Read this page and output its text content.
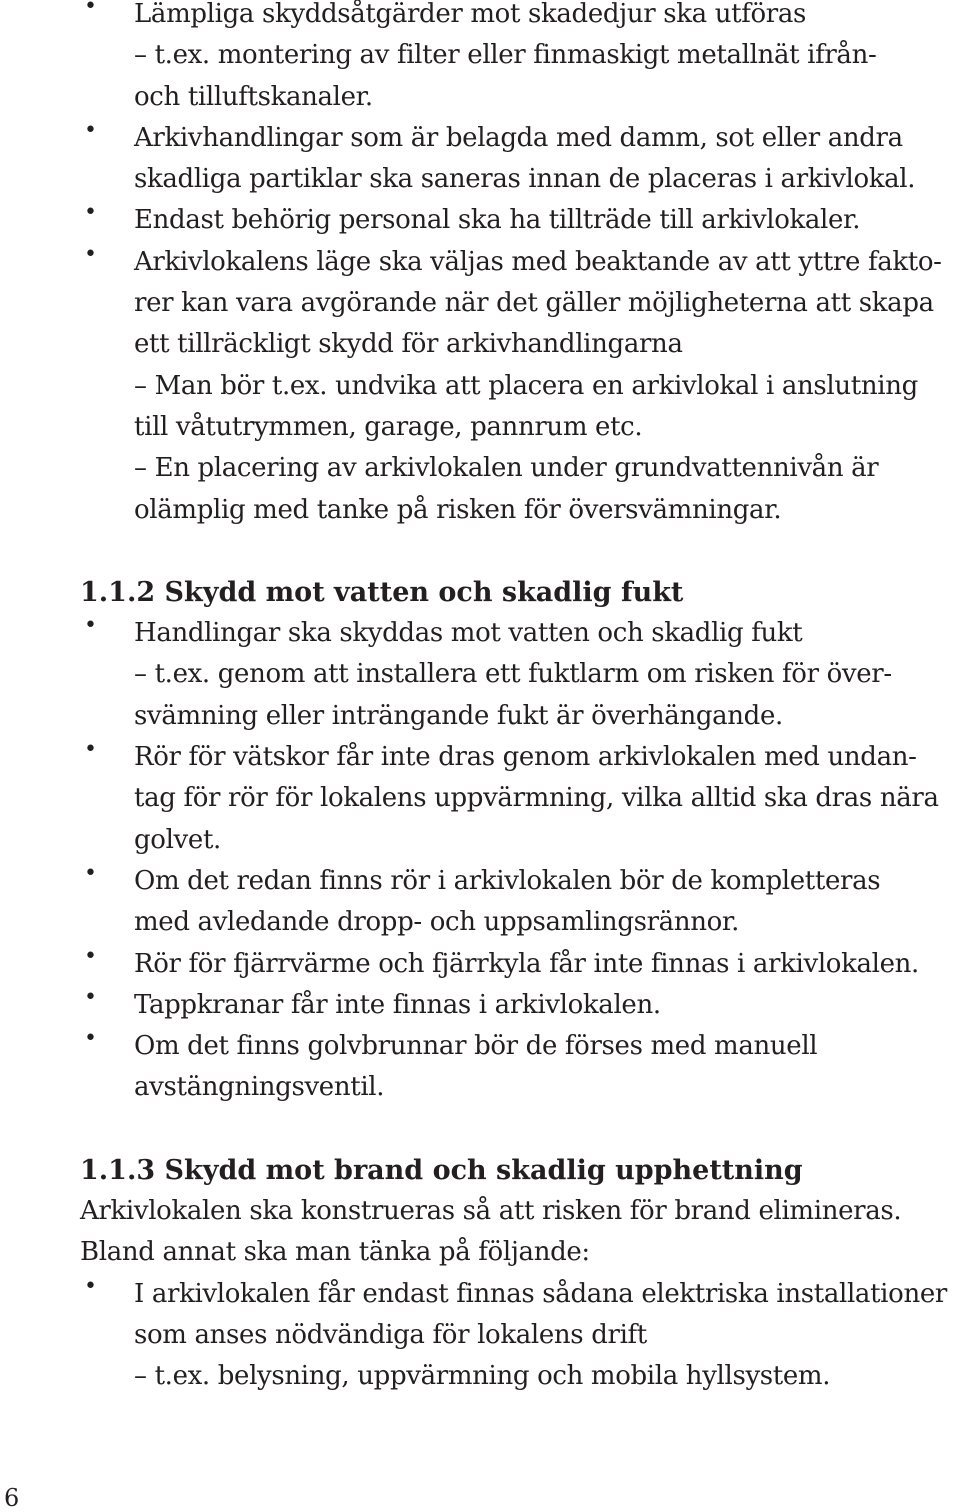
• Lämpliga skyddsåtgärder mot skadedjur ska utföras
– t.ex. montering av filter eller finmaskigt metallnät ifrån-
och tilluftskanaler.
• Arkivhandlingar som är belagda med damm, sot eller andra
skadliga partiklar ska saneras innan de placeras i arkivlokal.
• Endast behörig personal ska ha tillträde till arkivlokaler.
• Arkivlokalens läge ska väljas med beaktande av att yttre fakto-
rer kan vara avgörande när det gäller möjligheterna att skapa
ett tillräckligt skydd för arkivhandlingarna
– Man bör t.ex. undvika att placera en arkivlokal i anslutning
till våtutrymmen, garage, pannrum etc.
– En placering av arkivlokalen under grundvattennivån är
olämplig med tanke på risken för översvämningar.
1.1.2 Skydd mot vatten och skadlig fukt
• Handlingar ska skyddas mot vatten och skadlig fukt
– t.ex. genom att installera ett fuktlarm om risken för över-
svämning eller inträngande fukt är överhängande.
• Rör för vätskor får inte dras genom arkivlokalen med undan-
tag för rör för lokalens uppvärmning, vilka alltid ska dras nära
golvet.
• Om det redan finns rör i arkivlokalen bör de kompletteras
med avledande dropp- och uppsamlingsrännor.
• Rör för fjärrvärme och fjärrkyla får inte finnas i arkivlokalen.
• Tappkranar får inte finnas i arkivlokalen.
• Om det finns golvbrunnar bör de förses med manuell
avstängningsventil.
1.1.3 Skydd mot brand och skadlig upphettning
Arkivlokalen ska konstrueras så att risken för brand elimineras.
Bland annat ska man tänka på följande:
• I arkivlokalen får endast finnas sådana elektriska installationer
som anses nödvändiga för lokalens drift
– t.ex. belysning, uppvärmning och mobila hyllsystem.
6
